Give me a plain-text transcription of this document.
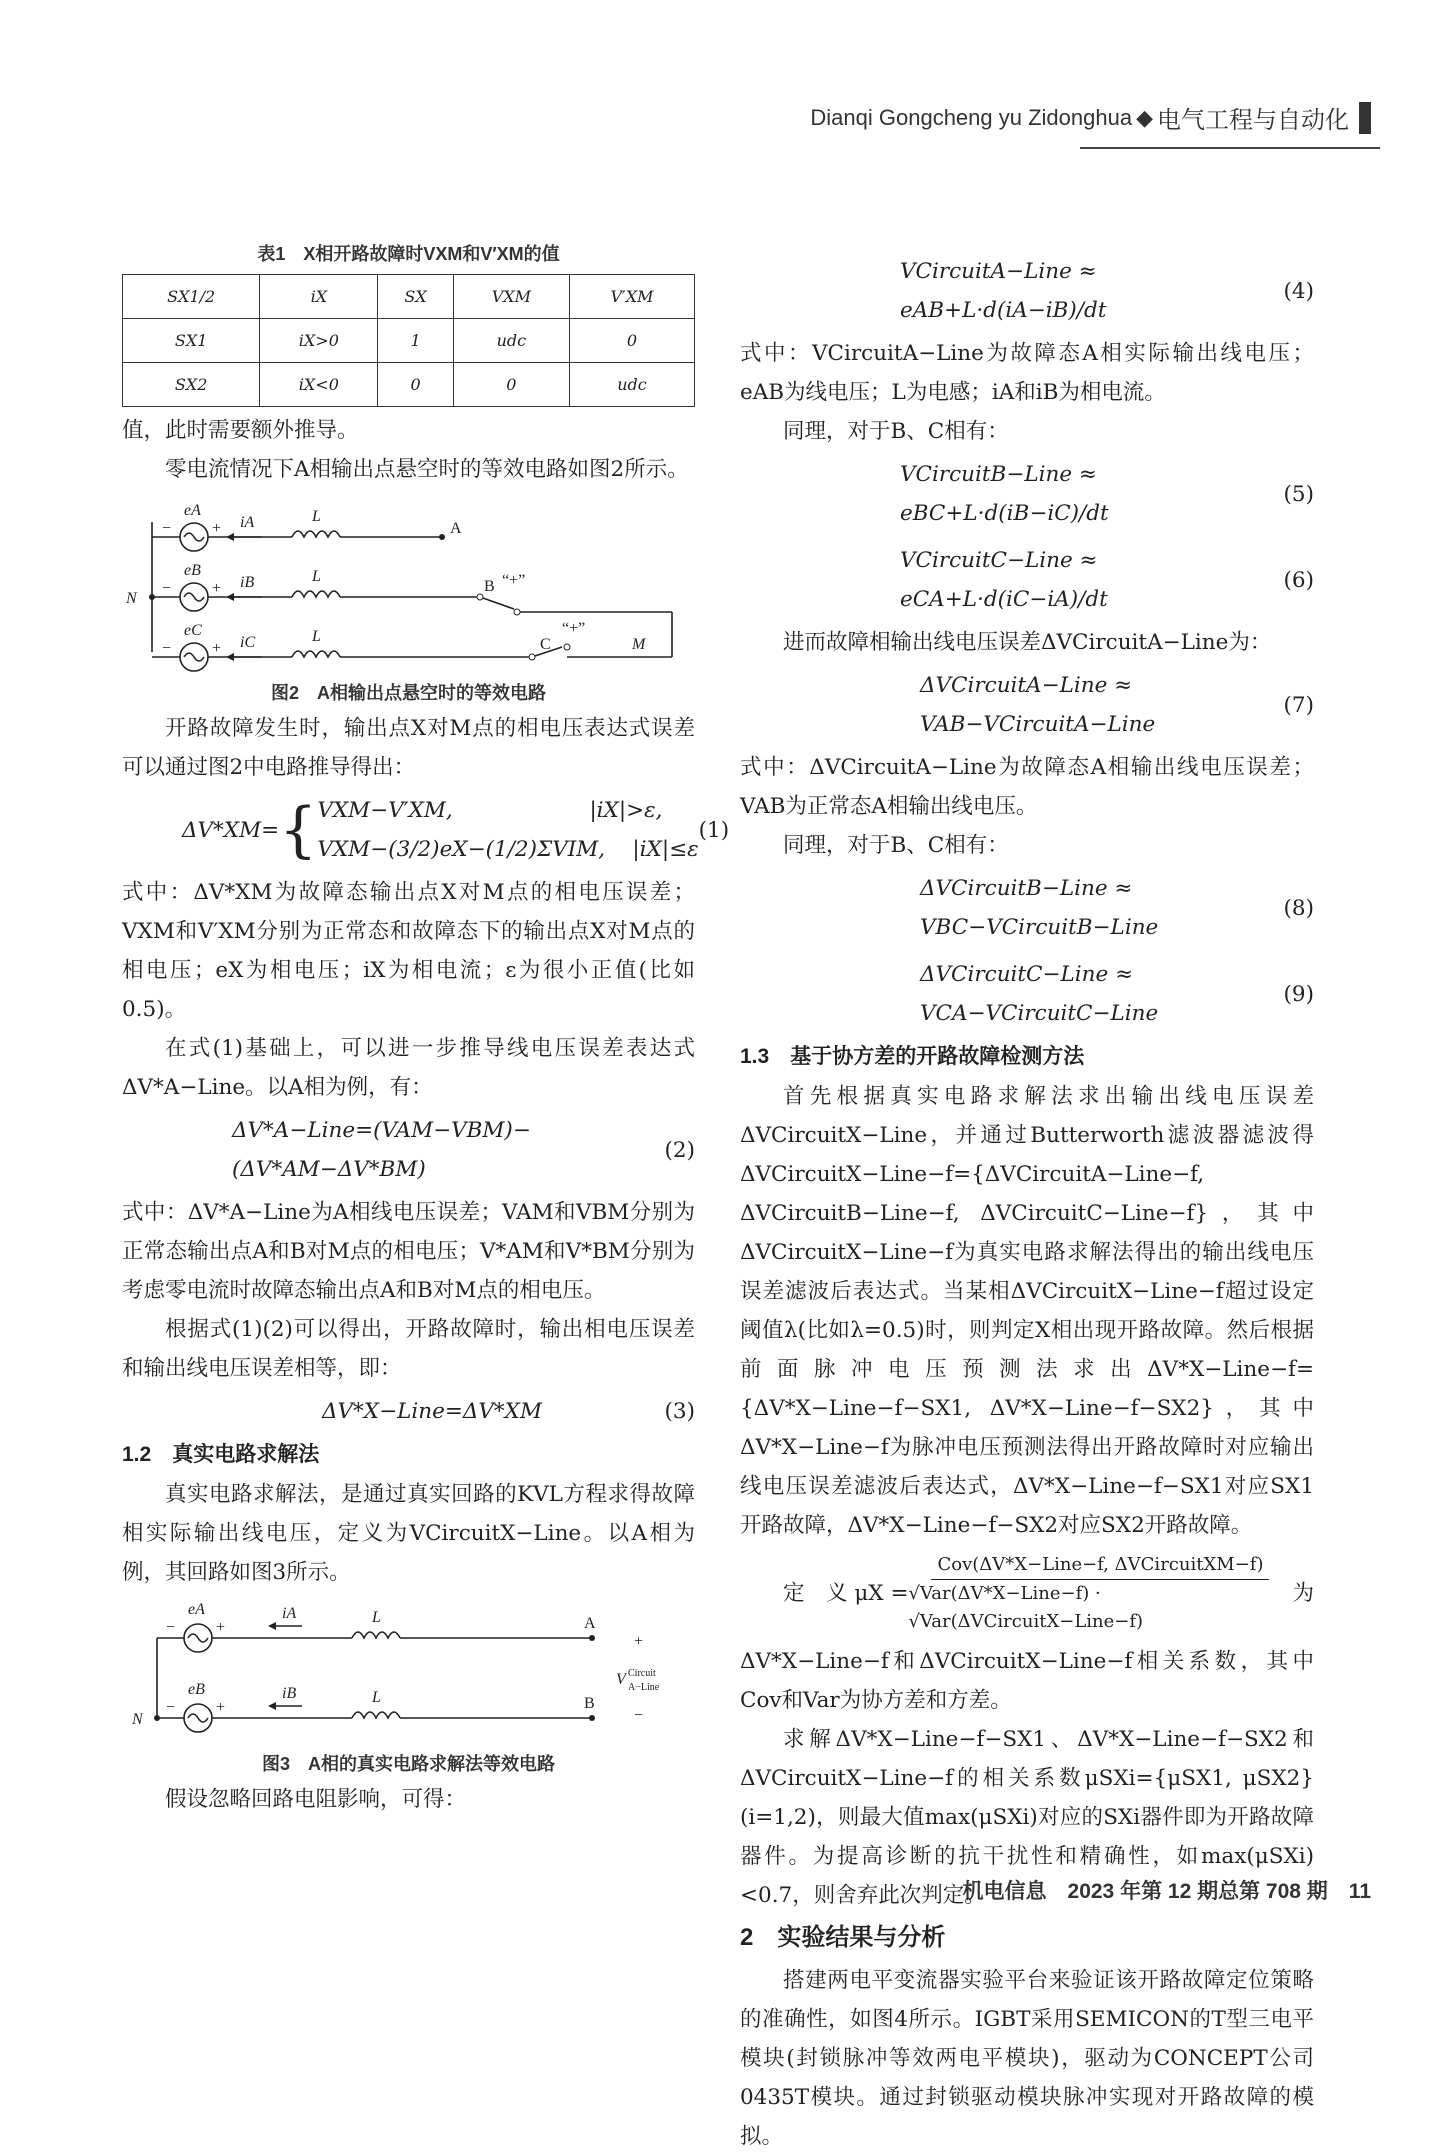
Dianqi Gongcheng yu Zidonghua ◆ 电气工程与自动化
表1　X相开路故障时VXM和V′XM的值
SX1/2	iX	SX	VXM	V′XM
SX1	iX>0	1	udc	0
SX2	iX<0	0	0	udc

值，此时需要额外推导。

零电流情况下A相输出点悬空时的等效电路如图2所示。

eA
eB
eC
iA
iB
iC
L
L
L
N
M
A
B
C
“+”
“+”
−	+
−	+
−	+
图2　A相输出点悬空时的等效电路

开路故障发生时，输出点X对M点的相电压表达式误差可以通过图2中电路推导得出：

ΔV*XM= { VXM−V′XM,                    |iX|>ε,
VXM−(3/2)eX−(1/2)ΣVIM,    |iX|≤ε
(1)

式中：ΔV*XM为故障态输出点X对M点的相电压误差；VXM和V′XM分别为正常态和故障态下的输出点X对M点的相电压；eX为相电压；iX为相电流；ε为很小正值(比如0.5)。

在式(1)基础上，可以进一步推导线电压误差表达式ΔV*A−Line。以A相为例，有：

ΔV*A−Line=(VAM−VBM)−(ΔV*AM−ΔV*BM)
(2)

式中：ΔV*A−Line为A相线电压误差；VAM和VBM分别为正常态输出点A和B对M点的相电压；V*AM和V*BM分别为考虑零电流时故障态输出点A和B对M点的相电压。

根据式(1)(2)可以得出，开路故障时，输出相电压误差和输出线电压误差相等，即：

ΔV*X−Line=ΔV*XM	(3)
1.2　真实电路求解法

真实电路求解法，是通过真实回路的KVL方程求得故障相实际输出线电压，定义为VCircuitX−Line。以A相为例，其回路如图3所示。

eA
eB
iA
iB
L
L
N
V
A
B
+
−
Circuit
A−Line
−	+
−	+
图3　A相的真实电路求解法等效电路

假设忽略回路电阻影响，可得：

VCircuitA−Line ≈ eAB+L·d(iA−iB)/dt
(4)

式中：VCircuitA−Line为故障态A相实际输出线电压；eAB为线电压；L为电感；iA和iB为相电流。

同理，对于B、C相有：

VCircuitB−Line ≈ eBC+L·d(iB−iC)/dt
(5)
VCircuitC−Line ≈ eCA+L·d(iC−iA)/dt
(6)

进而故障相输出线电压误差ΔVCircuitA−Line为：

ΔVCircuitA−Line ≈ VAB−VCircuitA−Line
(7)

式中：ΔVCircuitA−Line为故障态A相输出线电压误差；VAB为正常态A相输出线电压。

同理，对于B、C相有：

ΔVCircuitB−Line ≈ VBC−VCircuitB−Line
(8)
ΔVCircuitC−Line ≈ VCA−VCircuitC−Line
(9)
1.3　基于协方差的开路故障检测方法

首先根据真实电路求解法求出输出线电压误差ΔVCircuitX−Line，并通过Butterworth滤波器滤波得ΔVCircuitX−Line−f={ΔVCircuitA−Line−f, ΔVCircuitB−Line−f, ΔVCircuitC−Line−f}，其中ΔVCircuitX−Line−f为真实电路求解法得出的输出线电压误差滤波后表达式。当某相ΔVCircuitX−Line−f超过设定阈值λ(比如λ=0.5)时，则判定X相出现开路故障。然后根据前面脉冲电压预测法求出ΔV*X−Line−f={ΔV*X−Line−f−SX1, ΔV*X−Line−f−SX2}，其中ΔV*X−Line−f为脉冲电压预测法得出开路故障时对应输出线电压误差滤波后表达式，ΔV*X−Line−f−SX1对应SX1开路故障，ΔV*X−Line−f−SX2对应SX2开路故障。

定　义 μX =
Cov(ΔV*X−Line−f, ΔVCircuitXM−f)
√Var(ΔV*X−Line−f) · √Var(ΔVCircuitX−Line−f)
为

ΔV*X−Line−f和ΔVCircuitX−Line−f相关系数，其中Cov和Var为协方差和方差。

求解ΔV*X−Line−f−SX1、ΔV*X−Line−f−SX2和ΔVCircuitX−Line−f的相关系数μSXi={μSX1, μSX2}(i=1,2)，则最大值max(μSXi)对应的SXi器件即为开路故障器件。为提高诊断的抗干扰性和精确性，如max(μSXi)<0.7，则舍弃此次判定。

2　实验结果与分析

搭建两电平变流器实验平台来验证该开路故障定位策略的准确性，如图4所示。IGBT采用SEMICON的T型三电平模块(封锁脉冲等效两电平模块)，驱动为CONCEPT公司0435T模块。通过封锁驱动模块脉冲实现对开路故障的模拟。

机电信息　2023 年第 12 期总第 708 期　11
